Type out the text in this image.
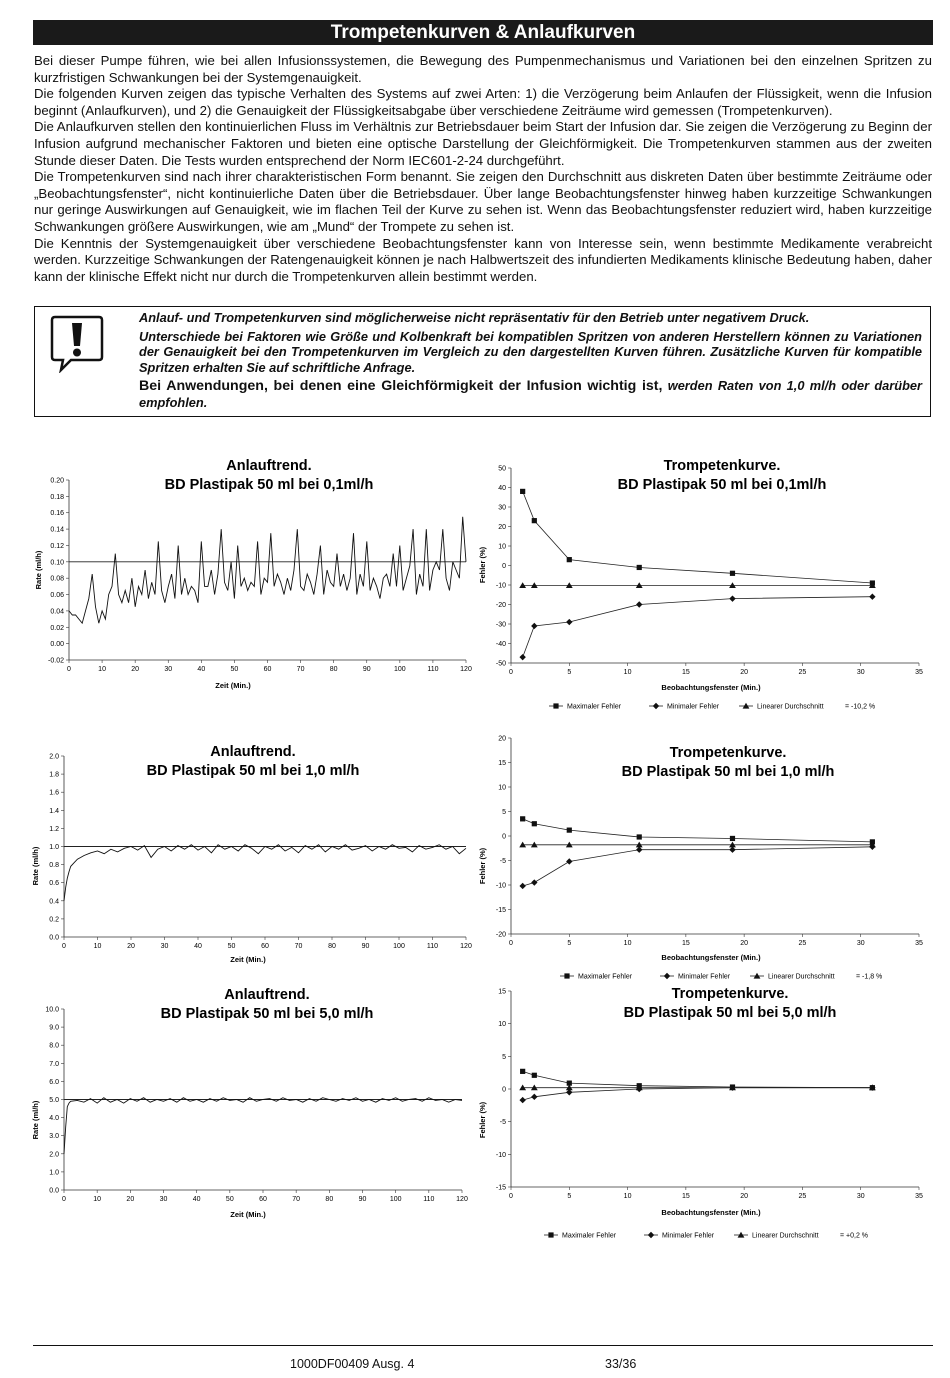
Trompetenkurven & Anlaufkurven

Bei dieser Pumpe führen, wie bei allen Infusionssystemen, die Bewegung des Pumpenmechanismus und Variationen bei den einzelnen Spritzen zu kurzfristigen Schwankungen bei der Systemgenauigkeit.

Die folgenden Kurven zeigen das typische Verhalten des Systems auf zwei Arten: 1) die Verzögerung beim Anlaufen der Flüssigkeit, wenn die Infusion beginnt (Anlaufkurven), und 2) die Genauigkeit der Flüssigkeitsabgabe über verschiedene Zeiträume wird gemessen (Trompetenkurven).

Die Anlaufkurven stellen den kontinuierlichen Fluss im Verhältnis zur Betriebsdauer beim Start der Infusion dar. Sie zeigen die Verzögerung zu Beginn der Infusion aufgrund mechanischer Faktoren und bieten eine optische Darstellung der Gleichförmigkeit. Die Trompetenkurven stammen aus der zweiten Stunde dieser Daten. Die Tests wurden entsprechend der Norm IEC601-2-24 durchgeführt.

Die Trompetenkurven sind nach ihrer charakteristischen Form benannt. Sie zeigen den Durchschnitt aus diskreten Daten über bestimmte Zeiträume oder „Beobachtungsfenster“, nicht kontinuierliche Daten über die Betriebsdauer. Über lange Beobachtungsfenster hinweg haben kurzzeitige Schwankungen nur geringe Auswirkungen auf Genauigkeit, wie im flachen Teil der Kurve zu sehen ist. Wenn das Beobachtungsfenster reduziert wird, haben kurzzeitige Schwankungen größere Auswirkungen, wie am „Mund“ der Trompete zu sehen ist.

Die Kenntnis der Systemgenauigkeit über verschiedene Beobachtungsfenster kann von Interesse sein, wenn bestimmte Medikamente verabreicht werden. Kurzzeitige Schwankungen der Ratengenauigkeit können je nach Halbwertszeit des infundierten Medikaments klinische Bedeutung haben, daher kann der klinische Effekt nicht nur durch die Trompetenkurven allein bestimmt werden.

Anlauf- und Trompetenkurven sind möglicherweise nicht repräsentativ für den Betrieb unter negativem Druck.

Unterschiede bei Faktoren wie Größe und Kolbenkraft bei kompatiblen Spritzen von anderen Herstellern können zu Variationen der Genauigkeit bei den Trompetenkurven im Vergleich zu den dargestellten Kurven führen. Zusätzliche Kurven für kompatible Spritzen erhalten Sie auf schriftliche Anfrage.

Bei Anwendungen, bei denen eine Gleichförmigkeit der Infusion wichtig ist, werden Raten von 1,0 ml/h oder darüber empfohlen.

Anlauftrend.
BD Plastipak 50 ml bei 0,1ml/h
-0.02
0.00
0.02
0.04
0.06
0.08
0.10
0.12
0.14
0.16
0.18
0.20
0	10	20	30	40	50	60	70	80	90	100	110	120
Zeit (Min.)
Rate (ml/h)
Trompetenkurve.
BD Plastipak 50 ml bei 0,1ml/h
-50
-40
-30
-20
-10
0
10
20
30
40
50
0	5	10	15	20	25	30	35
Beobachtungsfenster (Min.)
Fehler (%)
Maximaler Fehler	Minimaler Fehler	Linearer Durchschnitt	= -10,2 %
Anlauftrend.
BD Plastipak 50 ml bei 1,0 ml/h
0.0
0.2
0.4
0.6
0.8
1.0
1.2
1.4
1.6
1.8
2.0
0	10	20	30	40	50	60	70	80	90	100	110	120
Zeit (Min.)
Rate (ml/h)
Trompetenkurve.
BD Plastipak 50 ml bei 1,0 ml/h
-20
-15
-10
-5
0
5
10
15
20
0	5	10	15	20	25	30	35
Beobachtungsfenster (Min.)
Fehler (%)
Maximaler Fehler	Minimaler Fehler	Linearer Durchschnitt	= -1,8 %
Anlauftrend.
BD Plastipak 50 ml bei 5,0 ml/h
0.0
1.0
2.0
3.0
4.0
5.0
6.0
7.0
8.0
9.0
10.0
0	10	20	30	40	50	60	70	80	90	100	110	120
Zeit (Min.)
Rate (ml/h)
Trompetenkurve.
BD Plastipak 50 ml bei 5,0 ml/h
-15
-10
-5
0
5
10
15
0	5	10	15	20	25	30	35
Beobachtungsfenster (Min.)
Fehler (%)
Maximaler Fehler	Minimaler Fehler	Linearer Durchschnitt	= +0,2 %
1000DF00409 Ausg. 4	33/36
